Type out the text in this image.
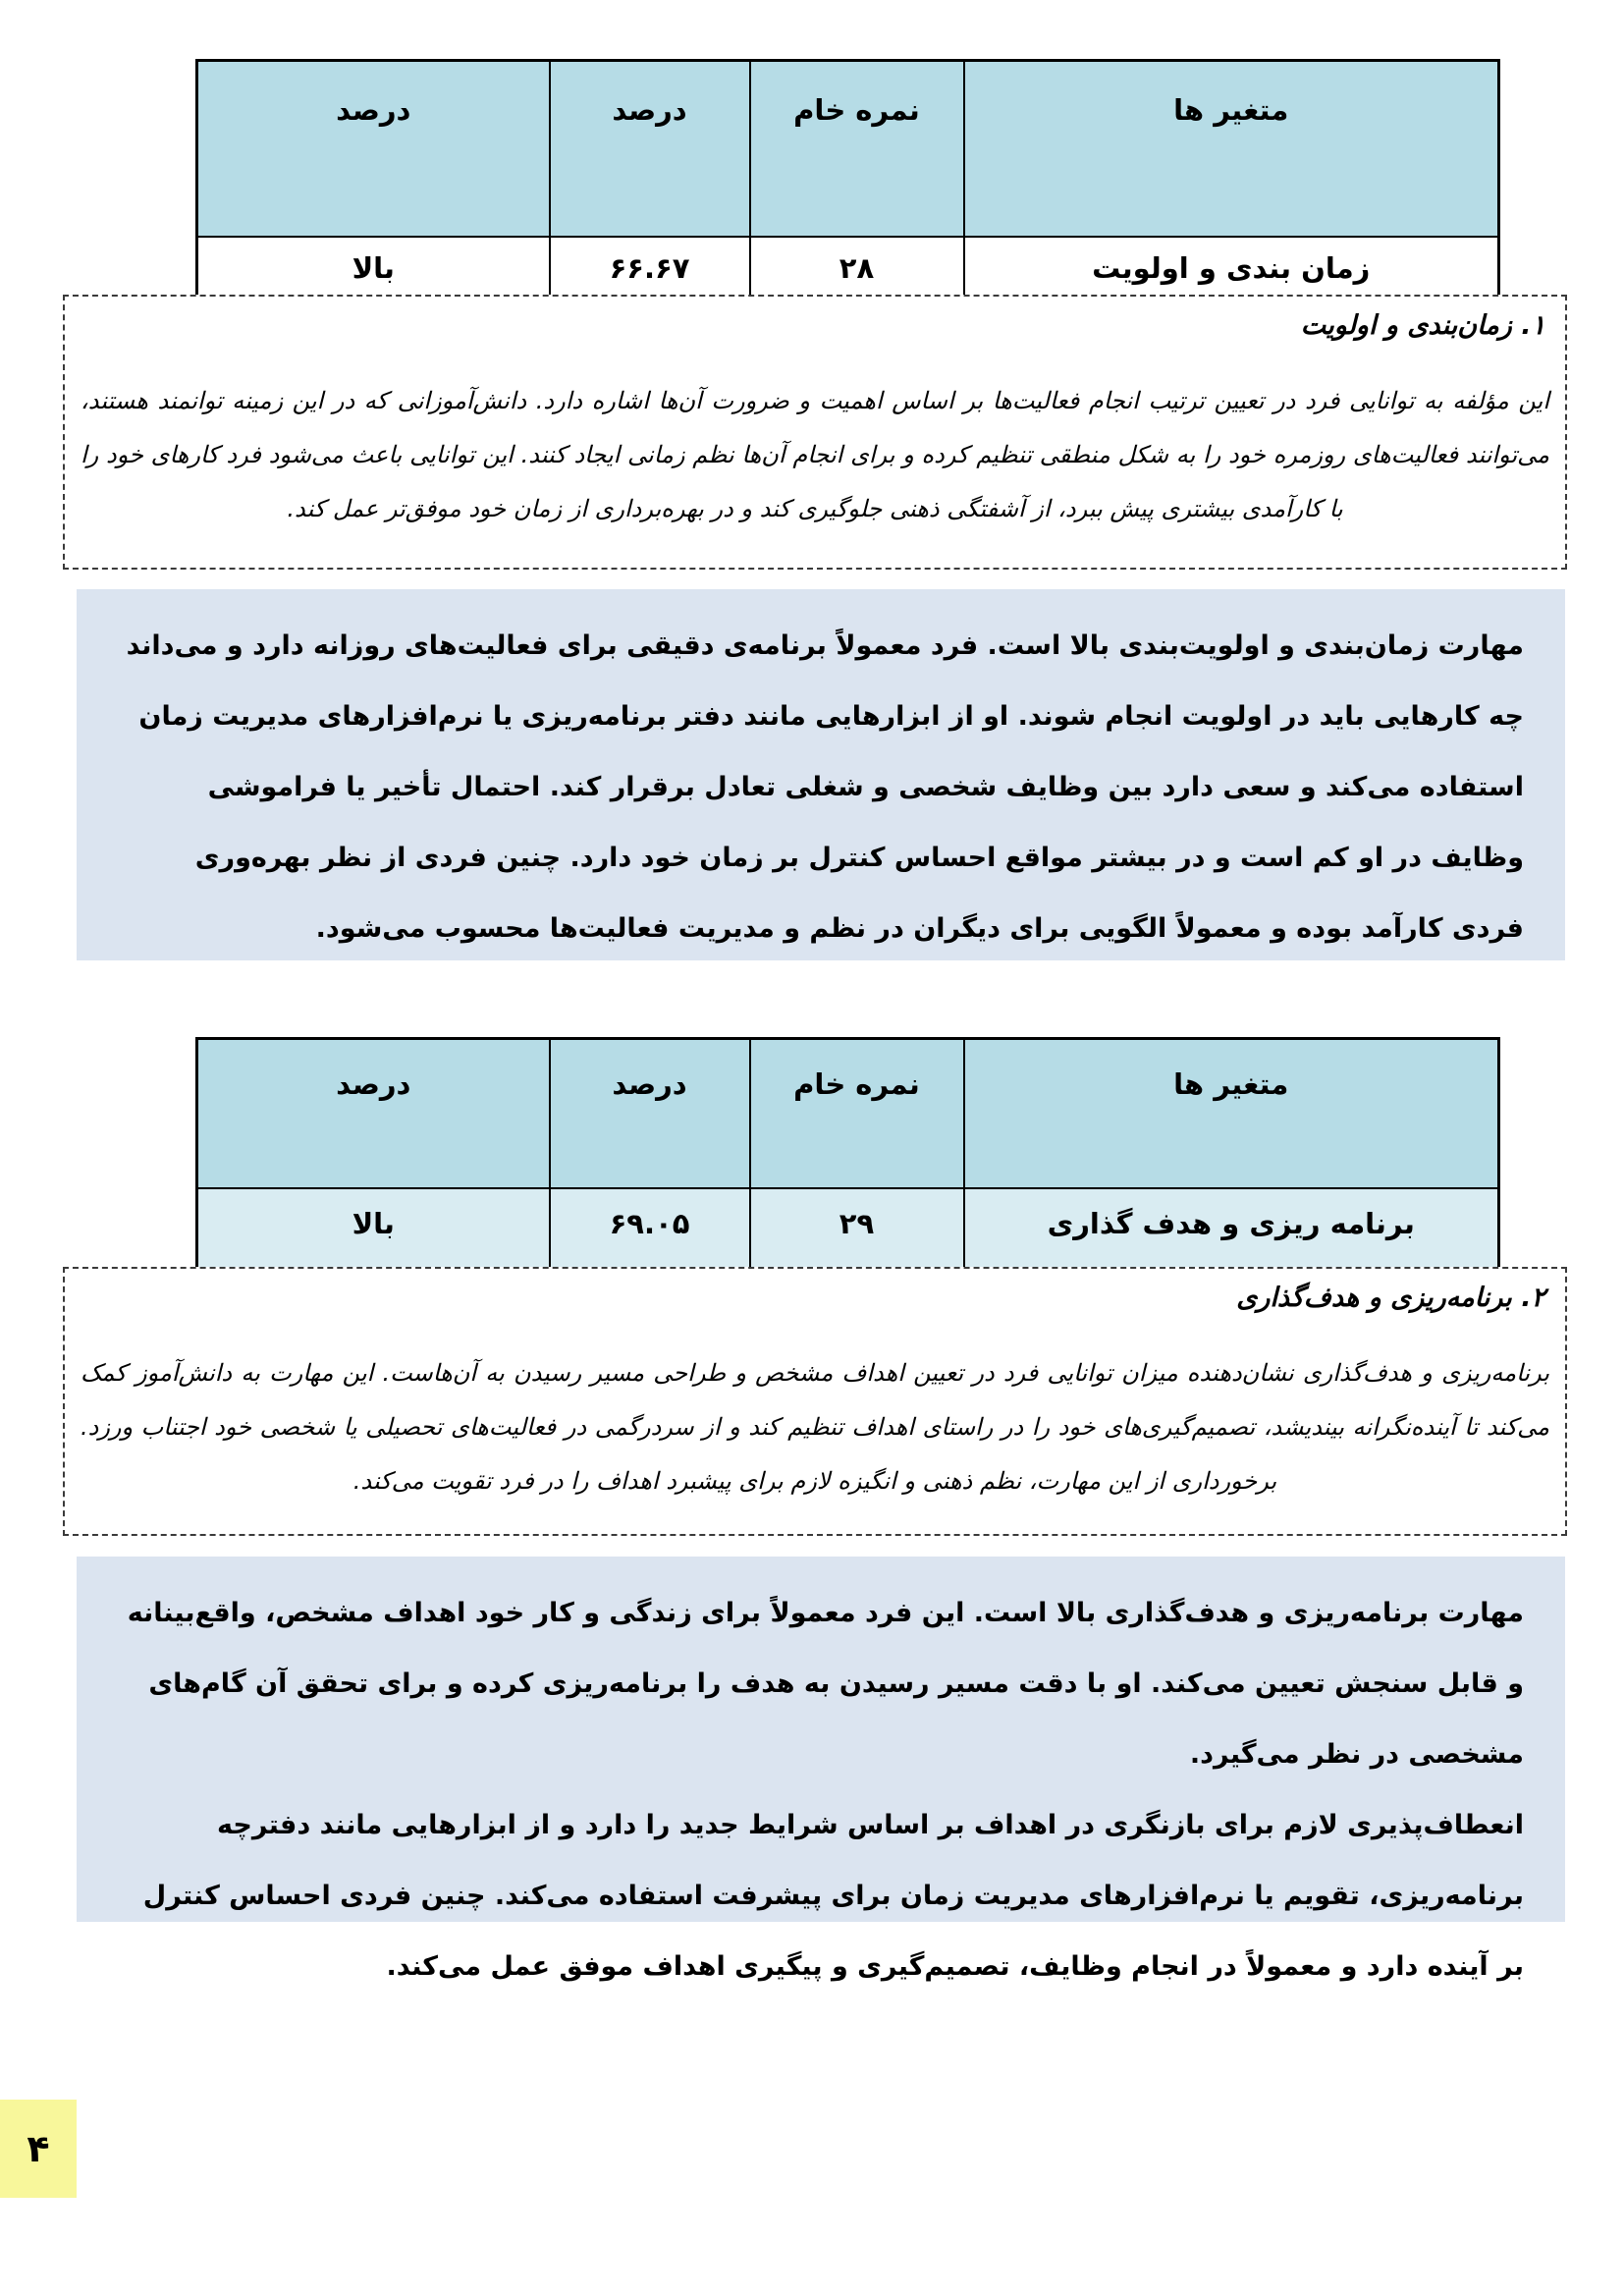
متغیر ها	نمره خام	درصد	درصد
زمان بندی و اولویت	۲۸	۶۶.۶۷	بالا
۱. زمان‌بندی و اولویت

این مؤلفه به توانایی فرد در تعیین ترتیب انجام فعالیت‌ها بر اساس اهمیت و ضرورت آن‌ها اشاره دارد. دانش‌آموزانی که در این زمینه توانمند هستند، می‌توانند فعالیت‌های روزمره خود را به شکل منطقی تنظیم کرده و برای انجام آن‌ها نظم زمانی ایجاد کنند. این توانایی باعث می‌شود فرد کارهای خود را با کارآمدی بیشتری پیش ببرد، از آشفتگی ذهنی جلوگیری کند و در بهره‌برداری از زمان خود موفق‌تر عمل کند.

مهارت زمان‌بندی و اولویت‌بندی بالا است. فرد معمولاً برنامه‌ی دقیقی برای فعالیت‌های روزانه دارد و می‌داند چه کارهایی باید در اولویت انجام شوند. او از ابزارهایی مانند دفتر برنامه‌ریزی یا نرم‌افزارهای مدیریت زمان استفاده می‌کند و سعی دارد بین وظایف شخصی و شغلی تعادل برقرار کند. احتمال تأخیر یا فراموشی وظایف در او کم است و در بیشتر مواقع احساس کنترل بر زمان خود دارد. چنین فردی از نظر بهره‌وری فردی کارآمد بوده و معمولاً الگویی برای دیگران در نظم و مدیریت فعالیت‌ها محسوب می‌شود.

متغیر ها	نمره خام	درصد	درصد
برنامه ریزی و هدف گذاری	۲۹	۶۹.۰۵	بالا
۲. برنامه‌ریزی و هدف‌گذاری

برنامه‌ریزی و هدف‌گذاری نشان‌دهنده میزان توانایی فرد در تعیین اهداف مشخص و طراحی مسیر رسیدن به آن‌هاست. این مهارت به دانش‌آموز کمک می‌کند تا آینده‌نگرانه بیندیشد، تصمیم‌گیری‌های خود را در راستای اهداف تنظیم کند و از سردرگمی در فعالیت‌های تحصیلی یا شخصی خود اجتناب ورزد. برخورداری از این مهارت، نظم ذهنی و انگیزه لازم برای پیشبرد اهداف را در فرد تقویت می‌کند.

مهارت برنامه‌ریزی و هدف‌گذاری بالا است. این فرد معمولاً برای زندگی و کار خود اهداف مشخص، واقع‌بینانه و قابل سنجش تعیین می‌کند. او با دقت مسیر رسیدن به هدف را برنامه‌ریزی کرده و برای تحقق آن گام‌های مشخصی در نظر می‌گیرد.

انعطاف‌پذیری لازم برای بازنگری در اهداف بر اساس شرایط جدید را دارد و از ابزارهایی مانند دفترچه برنامه‌ریزی، تقویم یا نرم‌افزارهای مدیریت زمان برای پیشرفت استفاده می‌کند. چنین فردی احساس کنترل بر آینده دارد و معمولاً در انجام وظایف، تصمیم‌گیری و پیگیری اهداف موفق عمل می‌کند.

۴
